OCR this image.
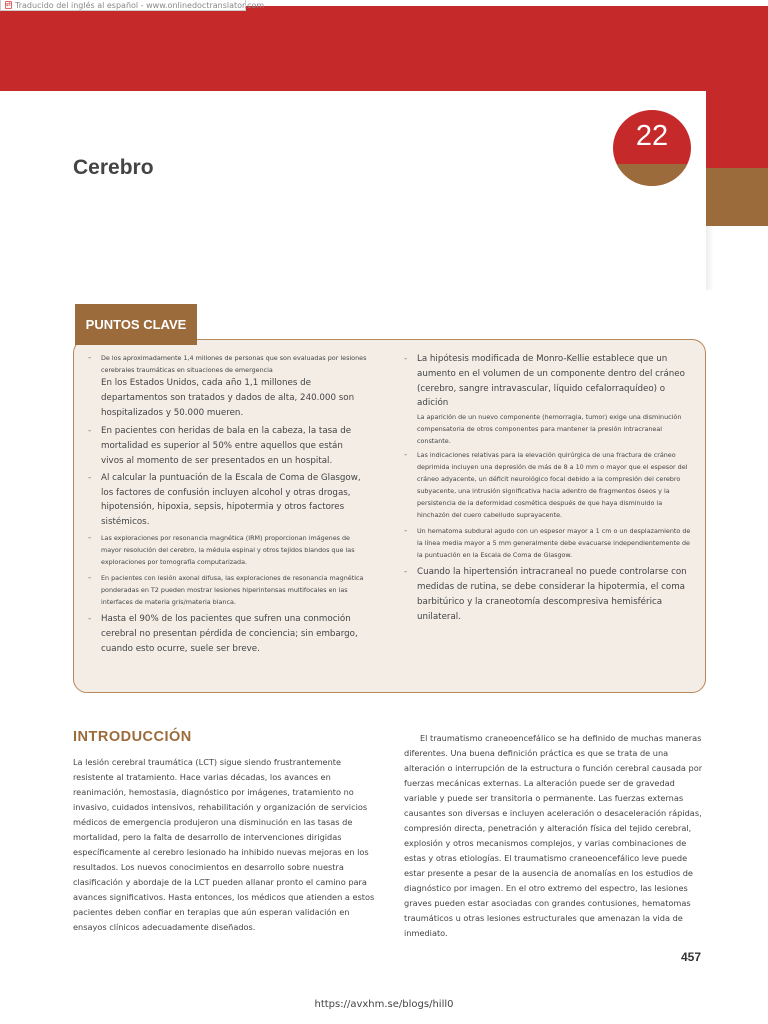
⇄ Traducido del inglés al español - www.onlinedoctranslator.com
22
Cerebro
PUNTOS CLAVE
- De los aproximadamente 1,4 millones de personas que son evaluadas por lesiones cerebrales traumáticas en situaciones de emergencia
En los Estados Unidos, cada año 1,1 millones de departamentos son tratados y dados de alta, 240.000 son hospitalizados y 50.000 mueren.
- En pacientes con heridas de bala en la cabeza, la tasa de mortalidad es superior al 50% entre aquellos que están vivos al momento de ser presentados en un hospital.
- Al calcular la puntuación de la Escala de Coma de Glasgow, los factores de confusión incluyen alcohol y otras drogas, hipotensión, hipoxia, sepsis, hipotermia y otros factores sistémicos.
- Las exploraciones por resonancia magnética (IRM) proporcionan imágenes de mayor resolución del cerebro, la médula espinal y otros tejidos blandos que las exploraciones por tomografía computarizada.
- En pacientes con lesión axonal difusa, las exploraciones de resonancia magnética ponderadas en T2 pueden mostrar lesiones hiperintensas multifocales en las interfaces de materia gris/materia blanca.
- Hasta el 90% de los pacientes que sufren una conmoción cerebral no presentan pérdida de conciencia; sin embargo, cuando esto ocurre, suele ser breve.
- La hipótesis modificada de Monro-Kellie establece que un aumento en el volumen de un componente dentro del cráneo (cerebro, sangre intravascular, líquido cefalorraquídeo) o adición
La aparición de un nuevo componente (hemorragia, tumor) exige una disminución compensatoria de otros componentes para mantener la presión intracraneal constante.
- Las indicaciones relativas para la elevación quirúrgica de una fractura de cráneo deprimida incluyen una depresión de más de 8 a 10 mm o mayor que el espesor del cráneo adyacente, un déficit neurológico focal debido a la compresión del cerebro subyacente, una intrusión significativa hacia adentro de fragmentos óseos y la persistencia de la deformidad cosmética después de que haya disminuido la hinchazón del cuero cabelludo suprayacente.
- Un hematoma subdural agudo con un espesor mayor a 1 cm o un desplazamiento de la línea media mayor a 5 mm generalmente debe evacuarse independientemente de la puntuación en la Escala de Coma de Glasgow.
- Cuando la hipertensión intracraneal no puede controlarse con medidas de rutina, se debe considerar la hipotermia, el coma barbitúrico y la craneotomía descompresiva hemisférica unilateral.
INTRODUCCIÓN

La lesión cerebral traumática (LCT) sigue siendo frustrantemente resistente al tratamiento. Hace varias décadas, los avances en reanimación, hemostasia, diagnóstico por imágenes, tratamiento no invasivo, cuidados intensivos, rehabilitación y organización de servicios médicos de emergencia produjeron una disminución en las tasas de mortalidad, pero la falta de desarrollo de intervenciones dirigidas específicamente al cerebro lesionado ha inhibido nuevas mejoras en los resultados. Los nuevos conocimientos en desarrollo sobre nuestra clasificación y abordaje de la LCT pueden allanar pronto el camino para avances significativos. Hasta entonces, los médicos que atienden a estos pacientes deben confiar en terapias que aún esperan validación en ensayos clínicos adecuadamente diseñados.

El traumatismo craneoencefálico se ha definido de muchas maneras diferentes. Una buena definición práctica es que se trata de una alteración o interrupción de la estructura o función cerebral causada por fuerzas mecánicas externas. La alteración puede ser de gravedad variable y puede ser transitoria o permanente. Las fuerzas externas causantes son diversas e incluyen aceleración o desaceleración rápidas, compresión directa, penetración y alteración física del tejido cerebral, explosión y otros mecanismos complejos, y varias combinaciones de estas y otras etiologías. El traumatismo craneoencefálico leve puede estar presente a pesar de la ausencia de anomalías en los estudios de diagnóstico por imagen. En el otro extremo del espectro, las lesiones graves pueden estar asociadas con grandes contusiones, hematomas traumáticos u otras lesiones estructurales que amenazan la vida de inmediato.

457
https://avxhm.se/blogs/hill0
